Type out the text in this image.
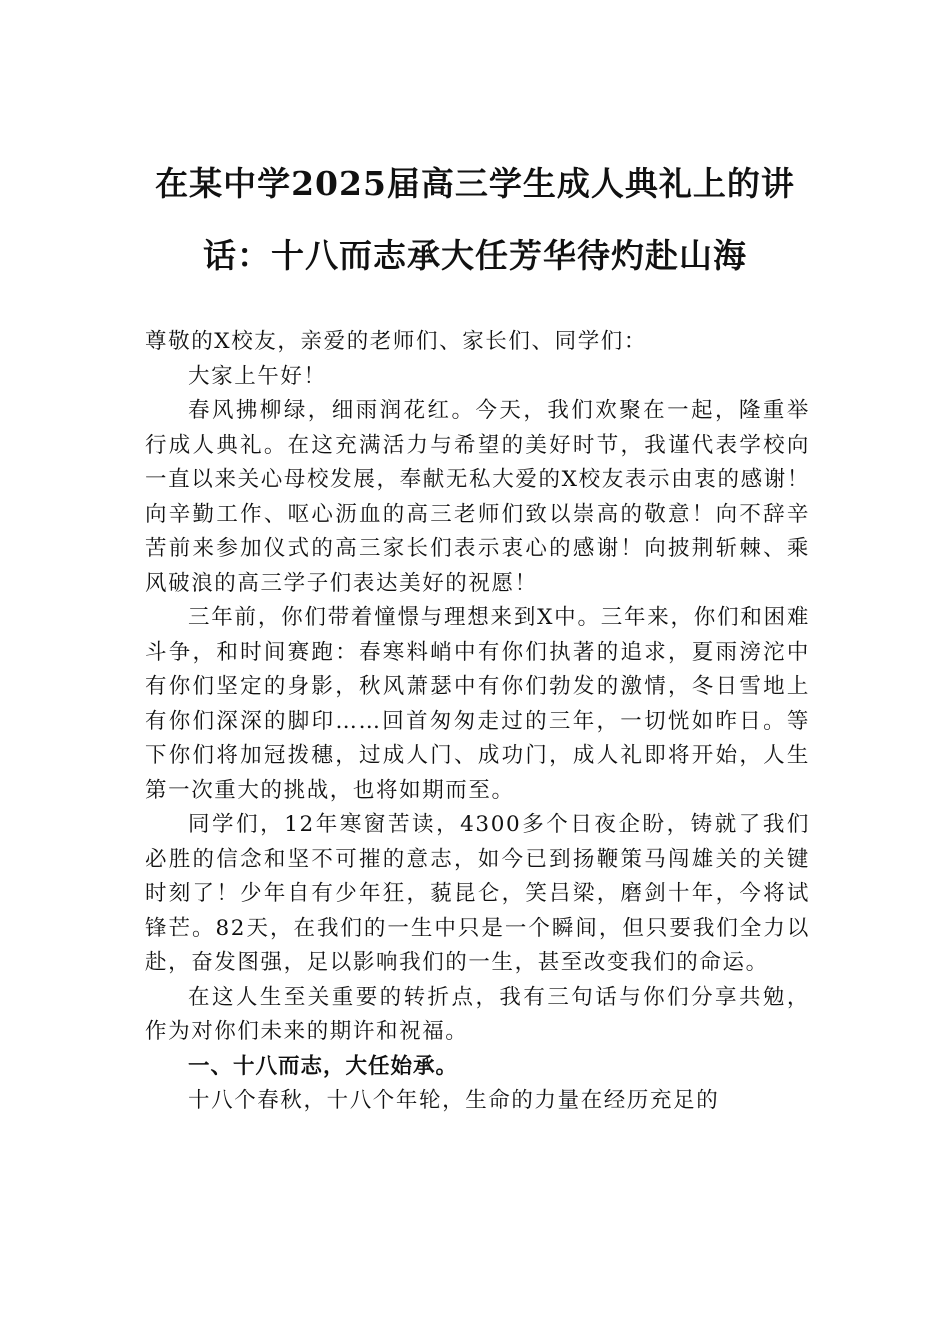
在某中学2025届高三学生成人典礼上的讲
话：十八而志承大任芳华待灼赴山海

尊敬的X校友，亲爱的老师们、家长们、同学们：

大家上午好！

春风拂柳绿，细雨润花红。今天，我们欢聚在一起，隆重举行成人典礼。在这充满活力与希望的美好时节，我谨代表学校向一直以来关心母校发展，奉献无私大爱的X校友表示由衷的感谢！向辛勤工作、呕心沥血的高三老师们致以崇高的敬意！向不辞辛苦前来参加仪式的高三家长们表示衷心的感谢！向披荆斩棘、乘风破浪的高三学子们表达美好的祝愿！

三年前，你们带着憧憬与理想来到X中。三年来，你们和困难斗争，和时间赛跑：春寒料峭中有你们执著的追求，夏雨滂沱中有你们坚定的身影，秋风萧瑟中有你们勃发的激情，冬日雪地上有你们深深的脚印……回首匆匆走过的三年，一切恍如昨日。等下你们将加冠拨穗，过成人门、成功门，成人礼即将开始，人生第一次重大的挑战，也将如期而至。

同学们，12年寒窗苦读，4300多个日夜企盼，铸就了我们必胜的信念和坚不可摧的意志，如今已到扬鞭策马闯雄关的关键时刻了！少年自有少年狂，藐昆仑，笑吕梁，磨剑十年，今将试锋芒。82天，在我们的一生中只是一个瞬间，但只要我们全力以赴，奋发图强，足以影响我们的一生，甚至改变我们的命运。

在这人生至关重要的转折点，我有三句话与你们分享共勉，作为对你们未来的期许和祝福。

一、十八而志，大任始承。

十八个春秋，十八个年轮，生命的力量在经历充足的
